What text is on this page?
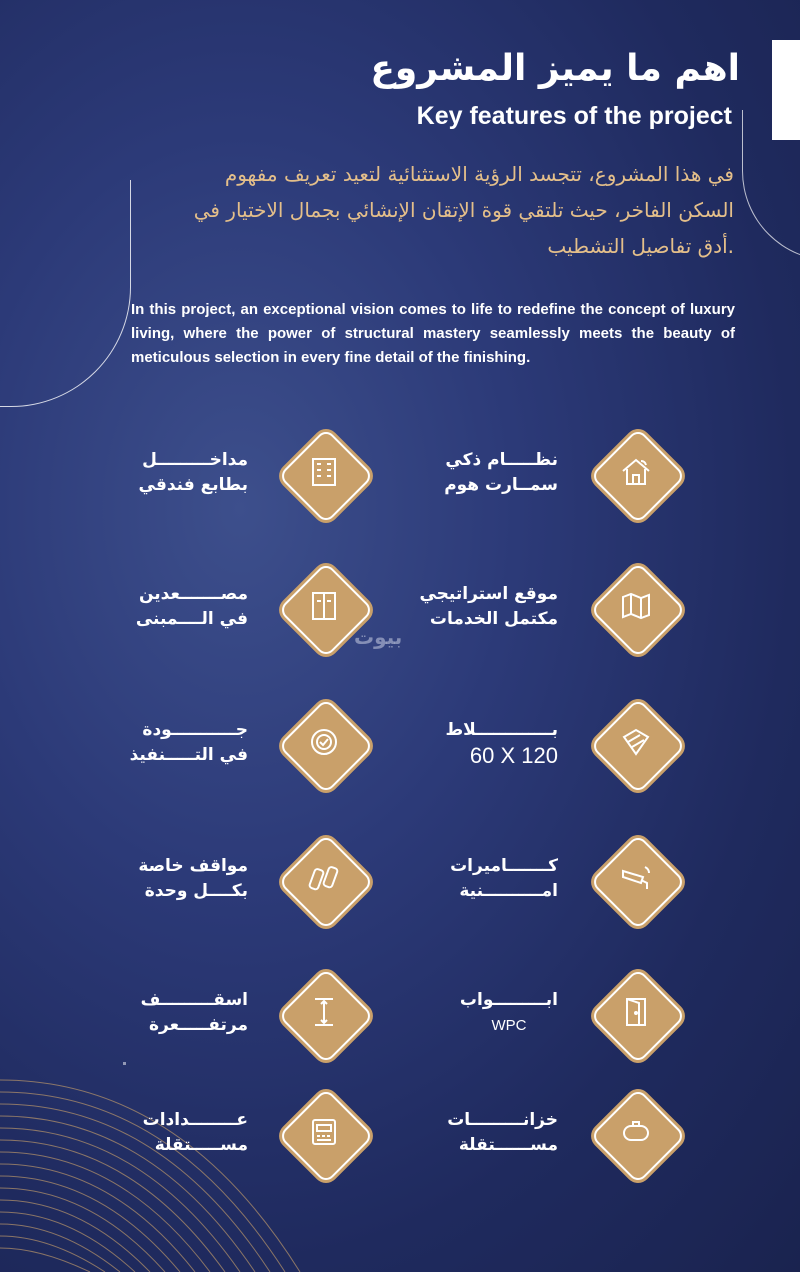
اهم ما يميز المشروع
Key features of the project
في هذا المشروع، تتجسد الرؤية الاستثنائية لتعيد تعريف مفهوم
السكن الفاخر، حيث تلتقي قوة الإتقان الإنشائي بجمال الاختيار في
.أدق تفاصيل التشطيب
In this project, an exceptional vision comes to life to redefine the concept of luxury living, where the power of structural mastery seamlessly meets the beauty of meticulous selection in every fine detail of the finishing.
بيوت
نظـــــام ذكي
سمــارت هوم
مداخـــــــــل
بطابع فندقي
موقع استراتيجي
مكتمل الخدمات
مصـــــــعدين
في الــــمبنى
بـــــــــــــلاط
60 X 120
جـــــــــــودة
في التـــــنفيذ
كـــــــاميرات
امــــــــــنية
مواقف خاصة
بكــــل وحدة
ابـــــــــواب
WPC
اسقـــــــــف
مرتفـــــعرة
خزانـــــــــات
مســــــتقلة
عــــــــدادات
مســـــتقلة
